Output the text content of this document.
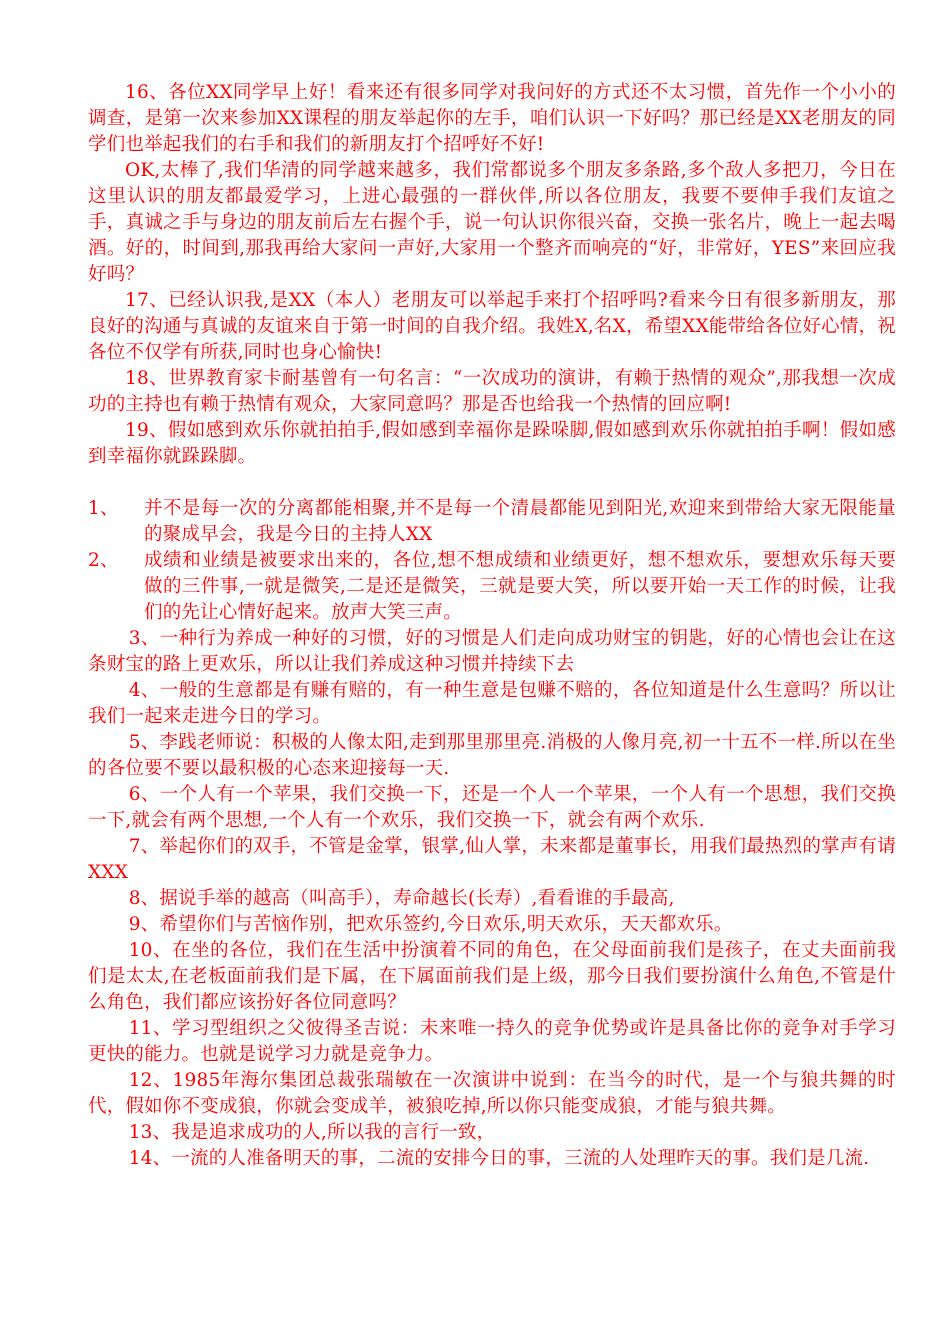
16、各位XX同学早上好！看来还有很多同学对我问好的方式还不太习惯，首先作一个小小的调查，是第一次来参加XX课程的朋友举起你的左手，咱们认识一下好吗？那已经是XX老朋友的同学们也举起我们的右手和我们的新朋友打个招呼好不好!

OK,太棒了,我们华清的同学越来越多，我们常都说多个朋友多条路,多个敌人多把刀，今日在这里认识的朋友都最爱学习，上进心最强的一群伙伴,所以各位朋友，我要不要伸手我们友谊之手，真诚之手与身边的朋友前后左右握个手，说一句认识你很兴奋，交换一张名片，晚上一起去喝酒。好的，时间到,那我再给大家问一声好,大家用一个整齐而响亮的“好，非常好，YES”来回应我好吗？

17、已经认识我,是XX（本人）老朋友可以举起手来打个招呼吗?看来今日有很多新朋友，那良好的沟通与真诚的友谊来自于第一时间的自我介绍。我姓X,名X，希望XX能带给各位好心情，祝各位不仅学有所获,同时也身心愉快!

18、世界教育家卡耐基曾有一句名言：“一次成功的演讲，有赖于热情的观众”,那我想一次成功的主持也有赖于热情有观众，大家同意吗？那是否也给我一个热情的回应啊!

19、假如感到欢乐你就拍拍手,假如感到幸福你是跺哚脚,假如感到欢乐你就拍拍手啊！假如感到幸福你就跺跺脚。

1、 并不是每一次的分离都能相聚,并不是每一个清晨都能见到阳光,欢迎来到带给大家无限能量的聚成早会，我是今日的主持人XX
2、 成绩和业绩是被要求出来的，各位,想不想成绩和业绩更好，想不想欢乐，要想欢乐每天要做的三件事,一就是微笑,二是还是微笑，三就是要大笑，所以要开始一天工作的时候，让我们的先让心情好起来。放声大笑三声。

3、一种行为养成一种好的习惯，好的习惯是人们走向成功财宝的钥匙，好的心情也会让在这条财宝的路上更欢乐，所以让我们养成这种习惯并持续下去

4、一般的生意都是有赚有赔的，有一种生意是包赚不赔的，各位知道是什么生意吗？所以让我们一起来走进今日的学习。

5、李践老师说：积极的人像太阳,走到那里那里亮.消极的人像月亮,初一十五不一样.所以在坐的各位要不要以最积极的心态来迎接每一天.

6、一个人有一个苹果，我们交换一下，还是一个人一个苹果，一个人有一个思想，我们交换一下,就会有两个思想,一个人有一个欢乐，我们交换一下，就会有两个欢乐.

7、举起你们的双手，不管是金掌，银掌,仙人掌，未来都是董事长，用我们最热烈的掌声有请XXX

8、据说手举的越高（叫高手），寿命越长(长寿）,看看谁的手最高,

9、希望你们与苦恼作别，把欢乐签约,今日欢乐,明天欢乐，天天都欢乐。

10、在坐的各位，我们在生活中扮演着不同的角色，在父母面前我们是孩子，在丈夫面前我们是太太,在老板面前我们是下属，在下属面前我们是上级，那今日我们要扮演什么角色,不管是什么角色，我们都应该扮好各位同意吗？

11、学习型组织之父彼得圣吉说：未来唯一持久的竞争优势或许是具备比你的竞争对手学习更快的能力。也就是说学习力就是竞争力。

12、1985年海尔集团总裁张瑞敏在一次演讲中说到：在当今的时代，是一个与狼共舞的时代，假如你不变成狼，你就会变成羊，被狼吃掉,所以你只能变成狼，才能与狼共舞。

13、我是追求成功的人,所以我的言行一致，

14、一流的人准备明天的事，二流的安排今日的事，三流的人处理昨天的事。我们是几流.
